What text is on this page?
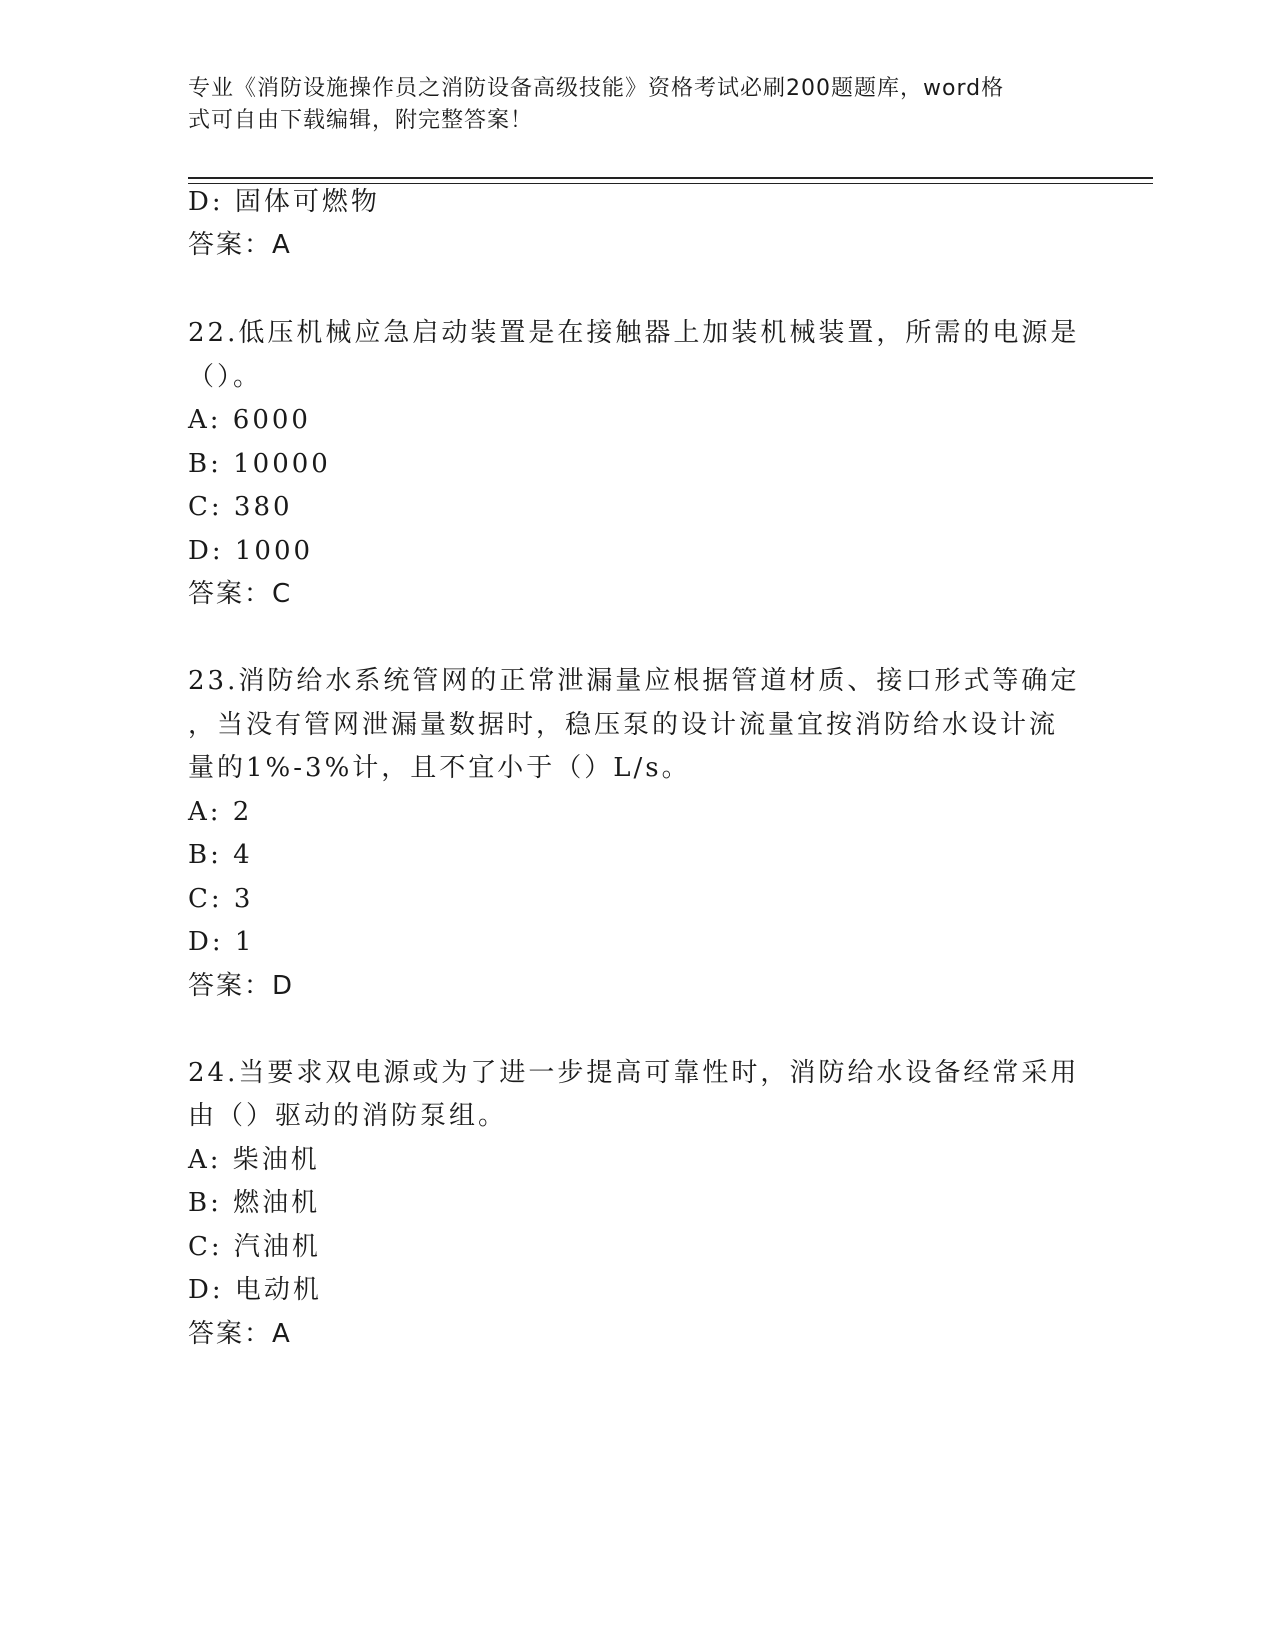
专业《消防设施操作员之消防设备高级技能》资格考试必刷200题题库，word格
式可自由下载编辑，附完整答案！
D: 固体可燃物
答案：A
22.低压机械应急启动装置是在接触器上加装机械装置，所需的电源是
（）。
A: 6000
B: 10000
C: 380
D: 1000
答案：C
23.消防给水系统管网的正常泄漏量应根据管道材质、接口形式等确定
，当没有管网泄漏量数据时，稳压泵的设计流量宜按消防给水设计流
量的1%-3%计，且不宜小于（）L/s。
A: 2
B: 4
C: 3
D: 1
答案：D
24.当要求双电源或为了进一步提高可靠性时，消防给水设备经常采用
由（）驱动的消防泵组。
A: 柴油机
B: 燃油机
C: 汽油机
D: 电动机
答案：A
